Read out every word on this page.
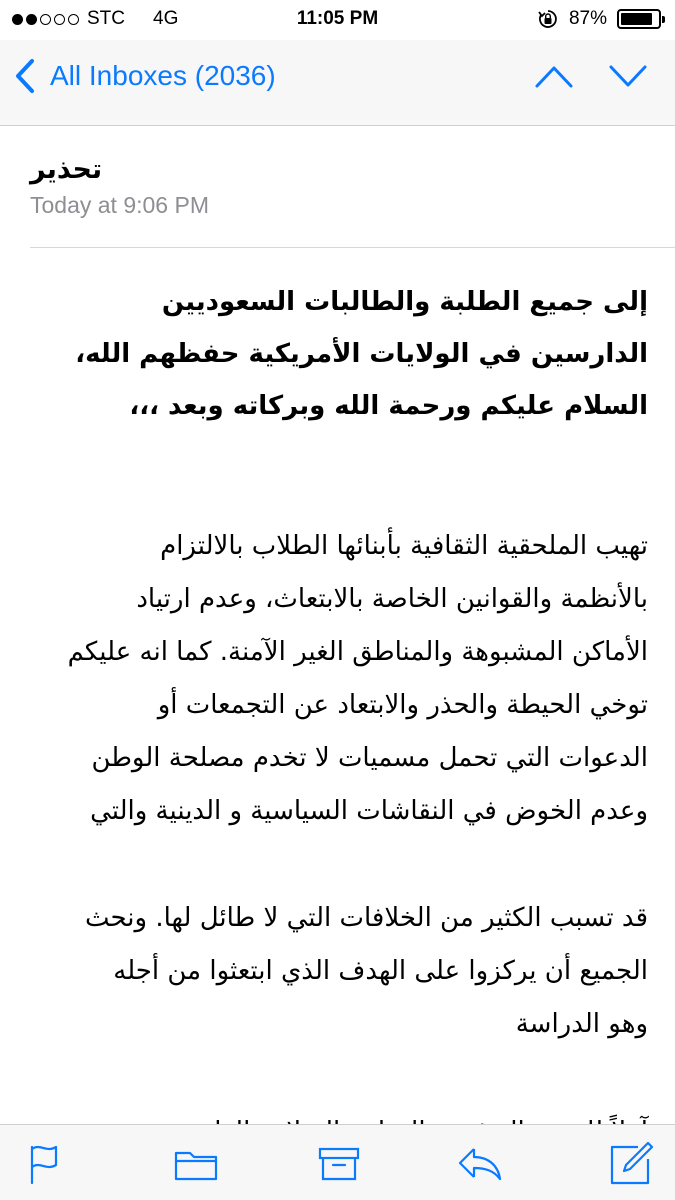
STC 4G	11:05 PM	87%
All Inboxes (2036)
تحذير
Today at 9:06 PM
إلى جميع الطلبة والطالبات السعوديين
الدارسين في الولايات الأمريكية حفظهم الله،
السلام عليكم ورحمة الله وبركاته وبعد ،،،
تهيب الملحقية الثقافية بأبنائها الطلاب بالالتزام
بالأنظمة والقوانين الخاصة بالابتعاث، وعدم ارتياد
الأماكن المشبوهة والمناطق الغير الآمنة. كما انه عليكم
توخي الحيطة والحذر والابتعاد عن التجمعات أو
الدعوات التي تحمل مسميات لا تخدم مصلحة الوطن
وعدم الخوض في النقاشات السياسية و الدينية والتي
قد تسبب الكثير من الخلافات التي لا طائل لها. ونحث
الجميع أن يركزوا على الهدف الذي ابتعثوا من أجله
وهو الدراسة
